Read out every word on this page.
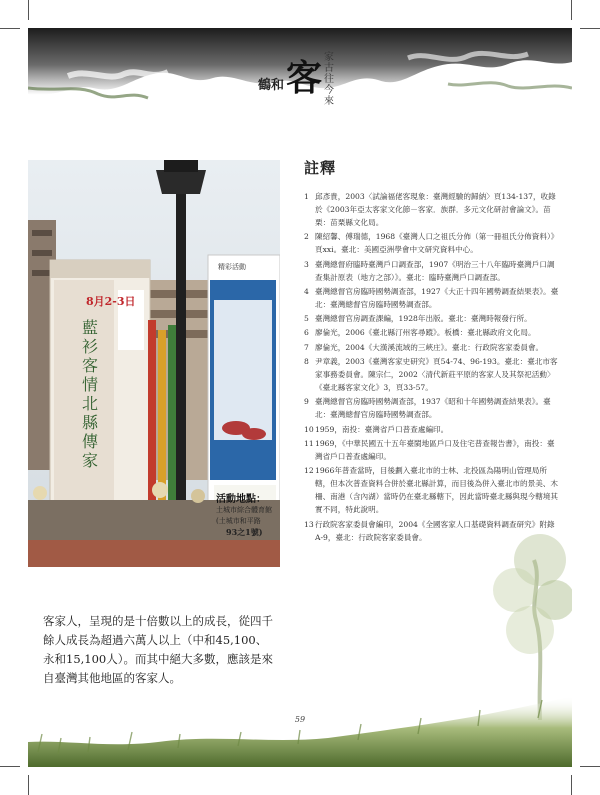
鶴和 客 家古往今來
8月2-3日
藍衫客情北縣傳家
精彩活動
活動地點：
土城市綜合體育館
(土城市和平路
93之1號)
客家人，呈現的是十倍數以上的成長，從四千餘人成長為超過六萬人以上（中和45,100、永和15,100人）。而其中絕大多數，應該是來自臺灣其他地區的客家人。
註釋
1 邱彥貴，2003〈試論福佬客現象：臺灣經驗的歸納〉頁134-137，收錄於《2003年亞太客家文化節－客家．族群．多元文化研討會論文》。苗栗：苗栗縣文化局。
2 陳紹馨、傅瑞德，1968《臺灣人口之祖氏分佈（第一冊祖氏分佈資料）》頁xxi。臺北：美國亞洲學會中文研究資料中心。
3 臺灣總督府臨時臺灣戶口調查部，1907《明治三十八年臨時臺灣戶口調查集計原表（地方之部）》。臺北：臨時臺灣戶口調查部。
4 臺灣總督官房臨時國勢調查部，1927《大正十四年國勢調查結果表》。臺北：臺灣總督官房臨時國勢調查部。
5 臺灣總督官房調查課編，1928年出版。臺北：臺灣時報發行所。
6 廖倫光，2006《臺北縣汀州客尋蹤》。板橋：臺北縣政府文化局。
7 廖倫光，2004《大漢溪流域的三峽庄》。臺北：行政院客家委員會。
8 尹章義，2003《臺灣客家史研究》頁54-74、96-193。臺北：臺北市客家事務委員會。陳宗仁，2002〈清代新莊平原的客家人及其祭祀活動〉《臺北縣客家文化》3，頁33-57。
9 臺灣總督官房臨時國勢調查部，1937《昭和十年國勢調查結果表》。臺北：臺灣總督官房臨時國勢調查部。
10 1959，南投：臺灣省戶口普查處編印。
11 1969，《中華民國五十五年臺閩地區戶口及住宅普查報告書》，南投：臺灣省戶口普查處編印。
12 1966年普查當時，目後劃入臺北市的士林、北投區為陽明山管理局所轄，但本次普查資料合併於臺北縣計算，而目後為併入臺北市的景美、木柵、南港（含內湖）當時仍在臺北縣轄下，因此當時臺北縣與現今轄境其實不同，特此說明。
13 行政院客家委員會編印，2004《全國客家人口基礎資料調查研究》附錄A-9，臺北：行政院客家委員會。
59
